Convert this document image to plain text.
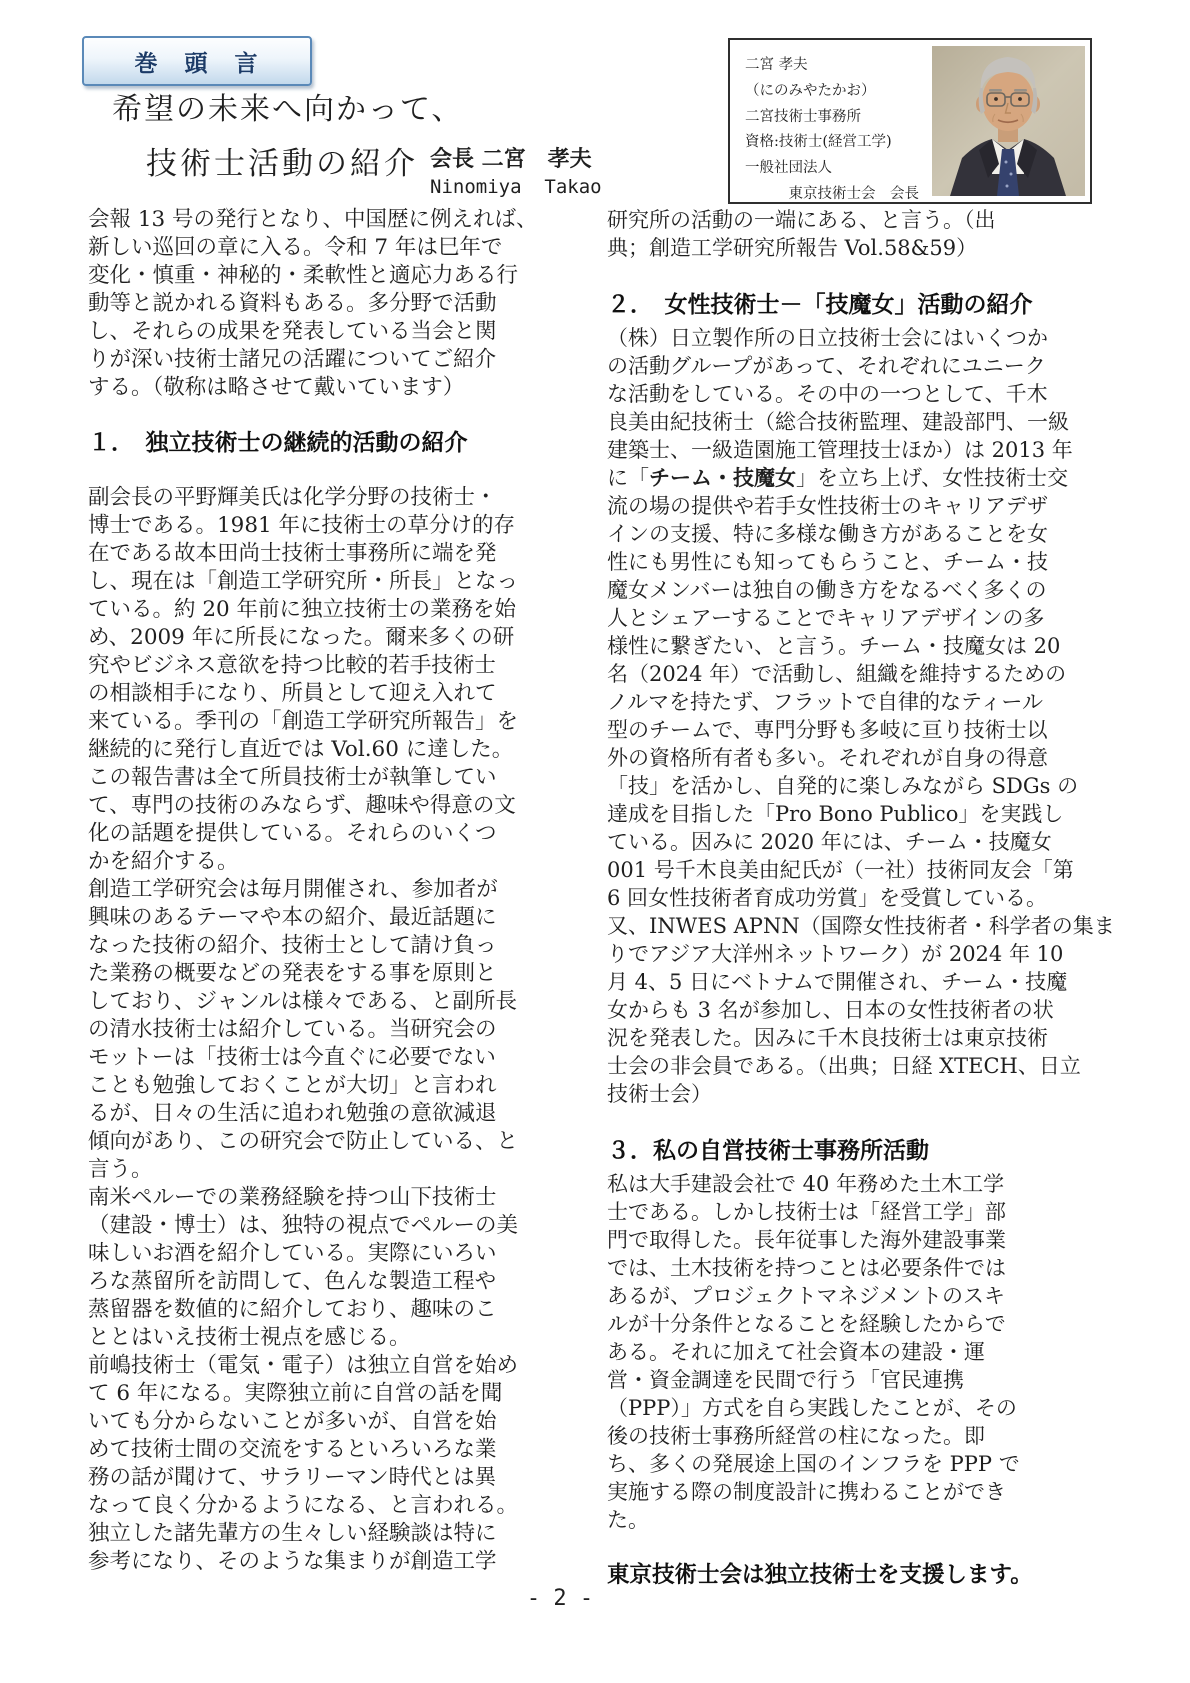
巻　頭　言
希望の未来へ向かって、
技術士活動の紹介 会長 二宮　孝夫
Ninomiya  Takao
二宮 孝夫
（にのみやたかお）
二宮技術士事務所
資格:技術士(経営工学)
一般社団法人
　　　東京技術士会　会長
会報 13 号の発行となり、中国歴に例えれば、
新しい巡回の章に入る。令和 7 年は巳年で
変化・慎重・神秘的・柔軟性と適応力ある行
動等と説かれる資料もある。多分野で活動
し、それらの成果を発表している当会と関
りが深い技術士諸兄の活躍についてご紹介
する。（敬称は略させて戴いています）
１．　独立技術士の継続的活動の紹介
副会長の平野輝美氏は化学分野の技術士・
博士である。1981 年に技術士の草分け的存
在である故本田尚士技術士事務所に端を発
し、現在は「創造工学研究所・所長」となっ
ている。約 20 年前に独立技術士の業務を始
め、2009 年に所長になった。爾来多くの研
究やビジネス意欲を持つ比較的若手技術士
の相談相手になり、所員として迎え入れて
来ている。季刊の「創造工学研究所報告」を
継続的に発行し直近では Vol.60 に達した。
この報告書は全て所員技術士が執筆してい
て、専門の技術のみならず、趣味や得意の文
化の話題を提供している。それらのいくつ
かを紹介する。
創造工学研究会は毎月開催され、参加者が
興味のあるテーマや本の紹介、最近話題に
なった技術の紹介、技術士として請け負っ
た業務の概要などの発表をする事を原則と
しており、ジャンルは様々である、と副所長
の清水技術士は紹介している。当研究会の
モットーは「技術士は今直ぐに必要でない
ことも勉強しておくことが大切」と言われ
るが、日々の生活に追われ勉強の意欲減退
傾向があり、この研究会で防止している、と
言う。
南米ペルーでの業務経験を持つ山下技術士
（建設・博士）は、独特の視点でペルーの美
味しいお酒を紹介している。実際にいろい
ろな蒸留所を訪問して、色んな製造工程や
蒸留器を数値的に紹介しており、趣味のこ
ととはいえ技術士視点を感じる。
前嶋技術士（電気・電子）は独立自営を始め
て 6 年になる。実際独立前に自営の話を聞
いても分からないことが多いが、自営を始
めて技術士間の交流をするといろいろな業
務の話が聞けて、サラリーマン時代とは異
なって良く分かるようになる、と言われる。
独立した諸先輩方の生々しい経験談は特に
参考になり、そのような集まりが創造工学
研究所の活動の一端にある、と言う。（出
典；創造工学研究所報告 Vol.58&59）
２．　女性技術士－「技魔女」活動の紹介
（株）日立製作所の日立技術士会にはいくつか
の活動グループがあって、それぞれにユニーク
な活動をしている。その中の一つとして、千木
良美由紀技術士（総合技術監理、建設部門、一級
建築士、一級造園施工管理技士ほか）は 2013 年
に「チーム・技魔女」を立ち上げ、女性技術士交
流の場の提供や若手女性技術士のキャリアデザ
インの支援、特に多様な働き方があることを女
性にも男性にも知ってもらうこと、チーム・技
魔女メンバーは独自の働き方をなるべく多くの
人とシェアーすることでキャリアデザインの多
様性に繋ぎたい、と言う。チーム・技魔女は 20
名（2024 年）で活動し、組織を維持するための
ノルマを持たず、フラットで自律的なティール
型のチームで、専門分野も多岐に亘り技術士以
外の資格所有者も多い。それぞれが自身の得意
「技」を活かし、自発的に楽しみながら SDGs の
達成を目指した「Pro Bono Publico」を実践し
ている。因みに 2020 年には、チーム・技魔女
001 号千木良美由紀氏が（一社）技術同友会「第
6 回女性技術者育成功労賞」を受賞している。
又、INWES APNN（国際女性技術者・科学者の集ま
りでアジア大洋州ネットワーク）が 2024 年 10
月 4、5 日にベトナムで開催され、チーム・技魔
女からも 3 名が参加し、日本の女性技術者の状
況を発表した。因みに千木良技術士は東京技術
士会の非会員である。（出典；日経 XTECH、日立
技術士会）
３．私の自営技術士事務所活動
私は大手建設会社で 40 年務めた土木工学
士である。しかし技術士は「経営工学」部
門で取得した。長年従事した海外建設事業
では、土木技術を持つことは必要条件では
あるが、プロジェクトマネジメントのスキ
ルが十分条件となることを経験したからで
ある。それに加えて社会資本の建設・運
営・資金調達を民間で行う「官民連携
（PPP）」方式を自ら実践したことが、その
後の技術士事務所経営の柱になった。即
ち、多くの発展途上国のインフラを PPP で
実施する際の制度設計に携わることができ
た。
東京技術士会は独立技術士を支援します。
- 2 -
